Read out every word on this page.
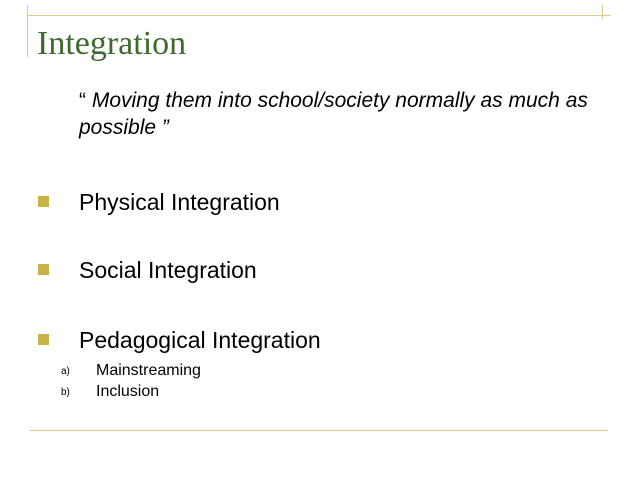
Integration
“ Moving them into school/society normally as much as possible ”
Physical Integration
Social Integration
Pedagogical Integration
a) Mainstreaming
b) Inclusion
